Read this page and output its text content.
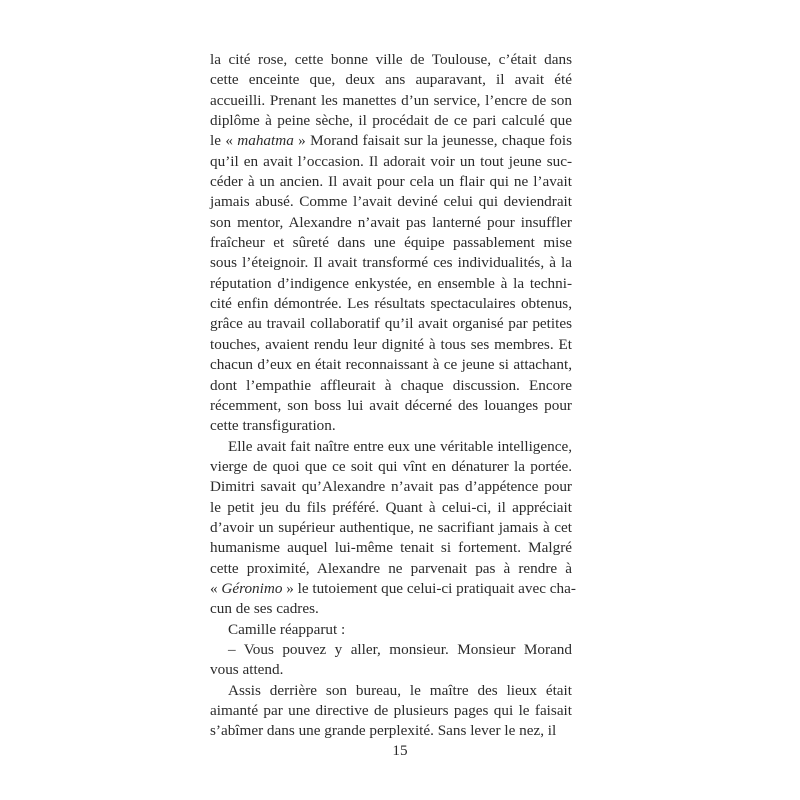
la cité rose, cette bonne ville de Toulouse, c’était dans
cette enceinte que, deux ans auparavant, il avait été
accueilli. Prenant les manettes d’un service, l’encre de son
diplôme à peine sèche, il procédait de ce pari calculé que
le « mahatma » Morand faisait sur la jeunesse, chaque fois
qu’il en avait l’occasion. Il adorait voir un tout jeune suc-
céder à un ancien. Il avait pour cela un flair qui ne l’avait
jamais abusé. Comme l’avait deviné celui qui deviendrait
son mentor, Alexandre n’avait pas lanterné pour insuffler
fraîcheur et sûreté dans une équipe passablement mise
sous l’éteignoir. Il avait transformé ces individualités, à la
réputation d’indigence enkystée, en ensemble à la techni-
cité enfin démontrée. Les résultats spectaculaires obtenus,
grâce au travail collaboratif qu’il avait organisé par petites
touches, avaient rendu leur dignité à tous ses membres. Et
chacun d’eux en était reconnaissant à ce jeune si attachant,
dont l’empathie affleurait à chaque discussion. Encore
récemment, son boss lui avait décerné des louanges pour
cette transfiguration.
Elle avait fait naître entre eux une véritable intelligence,
vierge de quoi que ce soit qui vînt en dénaturer la portée.
Dimitri savait qu’Alexandre n’avait pas d’appétence pour
le petit jeu du fils préféré. Quant à celui-ci, il appréciait
d’avoir un supérieur authentique, ne sacrifiant jamais à cet
humanisme auquel lui-même tenait si fortement. Malgré
cette proximité, Alexandre ne parvenait pas à rendre à
« Géronimo » le tutoiement que celui-ci pratiquait avec cha-
cun de ses cadres.
Camille réapparut :
– Vous pouvez y aller, monsieur. Monsieur Morand
vous attend.
Assis derrière son bureau, le maître des lieux était
aimanté par une directive de plusieurs pages qui le faisait
s’abîmer dans une grande perplexité. Sans lever le nez, il
15
